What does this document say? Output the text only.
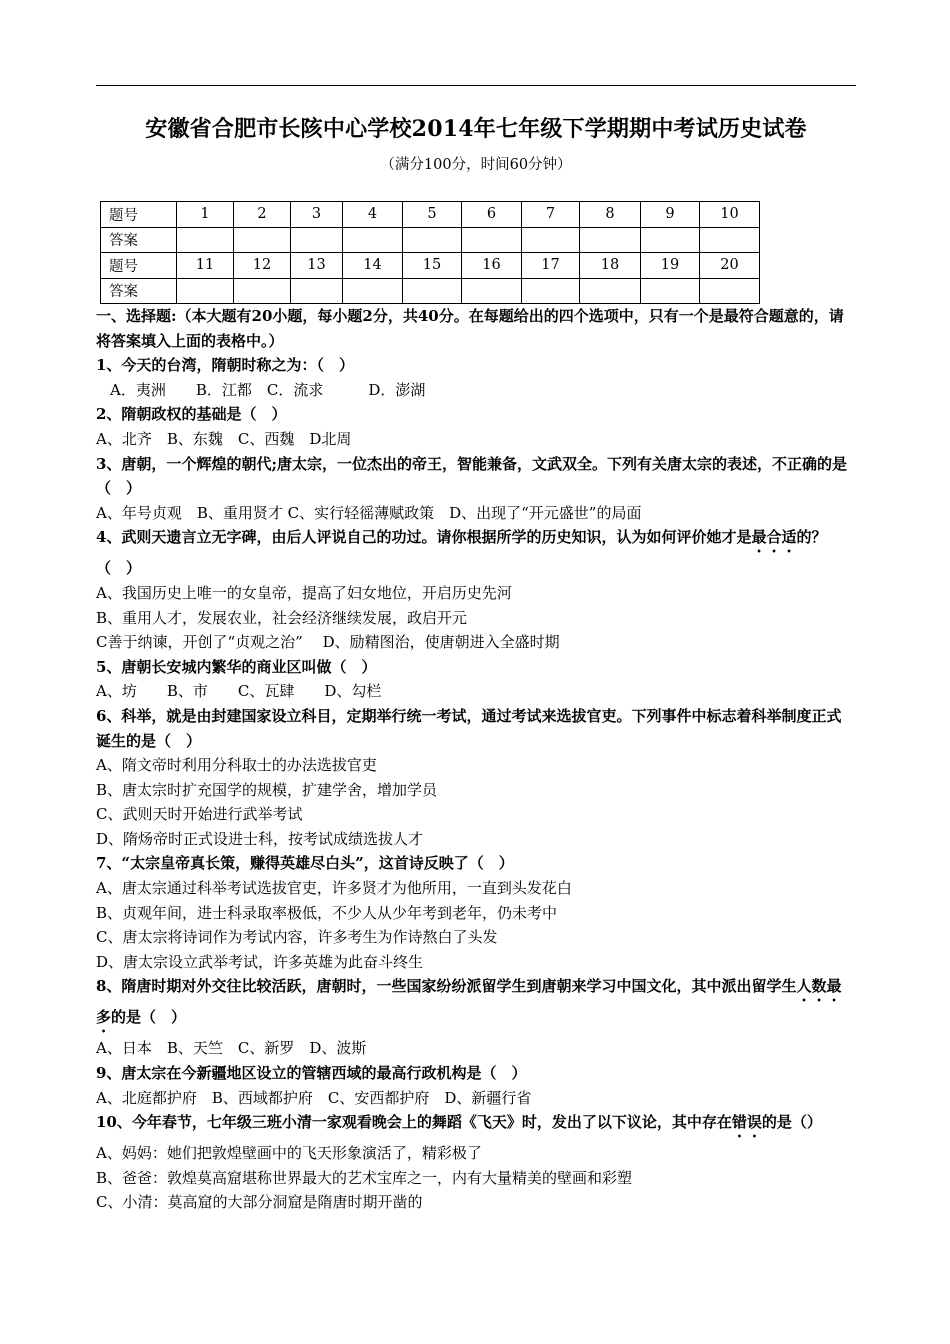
安徽省合肥市长陔中心学校2014年七年级下学期期中考试历史试卷
（满分100分，时间60分钟）
题号	1	2	3	4	5	6	7	8	9	10
答案										
题号	11	12	13	14	15	16	17	18	19	20
答案										

一、选择题:（本大题有20小题，每小题2分，共40分。在每题给出的四个选项中，只有一个是最符合题意的，请将答案填入上面的表格中。）

1、今天的台湾，隋朝时称之为：（　）

A．夷洲　　B．江都　C．流求　　　D．澎湖

2、隋朝政权的基础是（　）

A、北齐　B、东魏　C、西魏　D北周

3、唐朝，一个辉煌的朝代;唐太宗，一位杰出的帝王，智能兼备，文武双全。下列有关唐太宗的表述，不正确的是（　）

A、年号贞观　B、重用贤才 C、实行轻徭薄赋政策　D、出现了“开元盛世”的局面

4、武则天遗言立无字碑，由后人评说自己的功过。请你根据所学的历史知识，认为如何评价她才是最合适的？（　）

A、我国历史上唯一的女皇帝，提高了妇女地位，开启历史先河

B、重用人才，发展农业，社会经济继续发展，政启开元

C善于纳谏，开创了“贞观之治”　 D、励精图治，使唐朝进入全盛时期

5、唐朝长安城内繁华的商业区叫做（　）

A、坊　　B、市　　C、瓦肆　　D、勾栏

6、科举，就是由封建国家设立科目，定期举行统一考试，通过考试来选拔官吏。下列事件中标志着科举制度正式诞生的是（　）

A、隋文帝时利用分科取士的办法选拔官吏

B、唐太宗时扩充国学的规模，扩建学舍，增加学员

C、武则天时开始进行武举考试

D、隋炀帝时正式设进士科，按考试成绩选拔人才

7、“太宗皇帝真长策，赚得英雄尽白头”，这首诗反映了（　）

A、唐太宗通过科举考试选拔官吏，许多贤才为他所用，一直到头发花白

B、贞观年间，进士科录取率极低，不少人从少年考到老年，仍未考中

C、唐太宗将诗词作为考试内容，许多考生为作诗熬白了头发

D、唐太宗设立武举考试，许多英雄为此奋斗终生

8、隋唐时期对外交往比较活跃，唐朝时，一些国家纷纷派留学生到唐朝来学习中国文化，其中派出留学生人数最多的是（　）

A、日本　B、天竺　C、新罗　D、波斯

9、唐太宗在今新疆地区设立的管辖西域的最高行政机构是（　）

A、北庭都护府　B、西域都护府　C、安西都护府　D、新疆行省

10、今年春节，七年级三班小清一家观看晚会上的舞蹈《飞天》时，发出了以下议论，其中存在错误的是（）

A、妈妈：她们把敦煌壁画中的飞天形象演活了，精彩极了

B、爸爸：敦煌莫高窟堪称世界最大的艺术宝库之一，内有大量精美的壁画和彩塑

C、小清：莫高窟的大部分洞窟是隋唐时期开凿的
